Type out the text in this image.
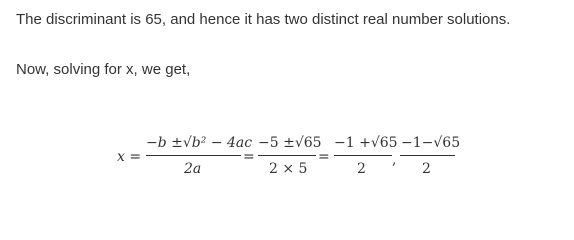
The discriminant is 65, and hence it has two distinct real number solutions.

Now, solving for x, we get,

x =
−b ±√b² − 4ac
2a
=
−5 ±√65
2 × 5
=
−1 +√65
2
,
−1−√65
2
